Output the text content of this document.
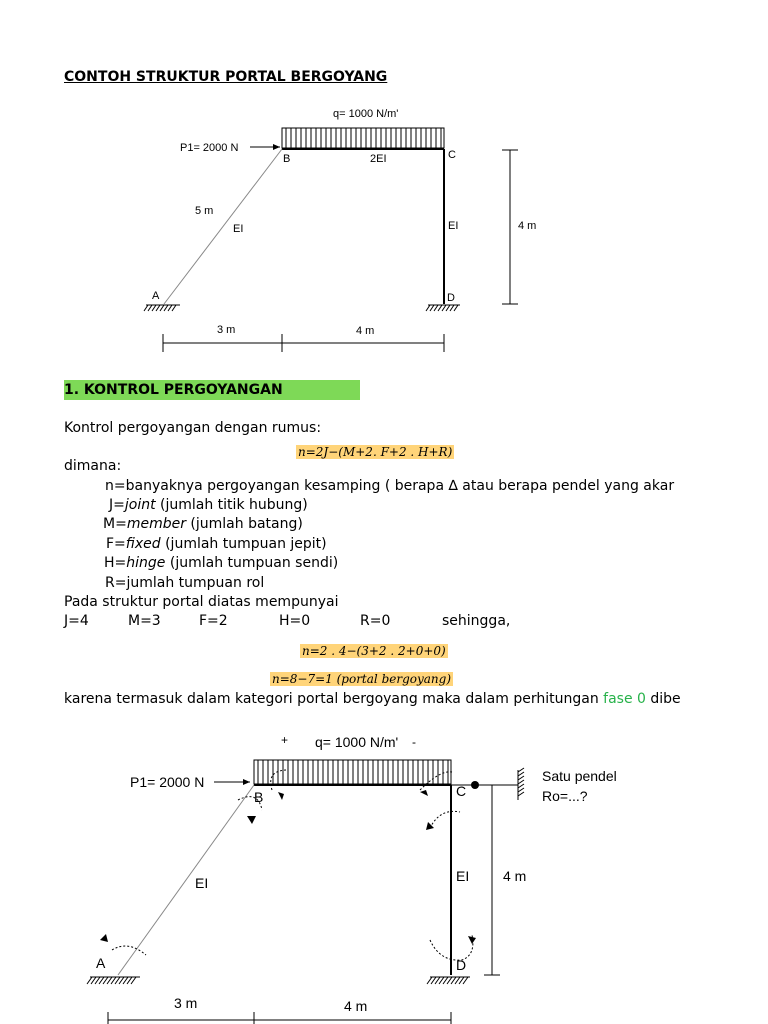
CONTOH STRUKTUR PORTAL BERGOYANG
q= 1000 N/m'
P1= 2000 N
B	2EI	C
5 m
EI	EI	4 m
A	D
3 m	4 m
+	-
q= 1000 N/m'
P1= 2000 N
B	C
Satu pendel
Ro=...?
EI	EI 4 m
A	D
3 m	4 m
1. KONTROL PERGOYANGAN
Kontrol pergoyangan dengan rumus:
n=2J−(M+2. F+2 . H+R)
dimana:
n=banyaknya pergoyangan kesamping ( berapa ∆ atau berapa pendel yang akar
J=joint (jumlah titik hubung)
M=member (jumlah batang)
F=fixed (jumlah tumpuan jepit)
H=hinge (jumlah tumpuan sendi)
R=jumlah tumpuan rol
Pada struktur portal diatas mempunyai
J=4	M=3	F=2	H=0	R=0	sehingga,
n=2 . 4−(3+2 . 2+0+0)
n=8−7=1 (portal bergoyang)
karena termasuk dalam kategori portal bergoyang maka dalam perhitungan fase 0 dibe
